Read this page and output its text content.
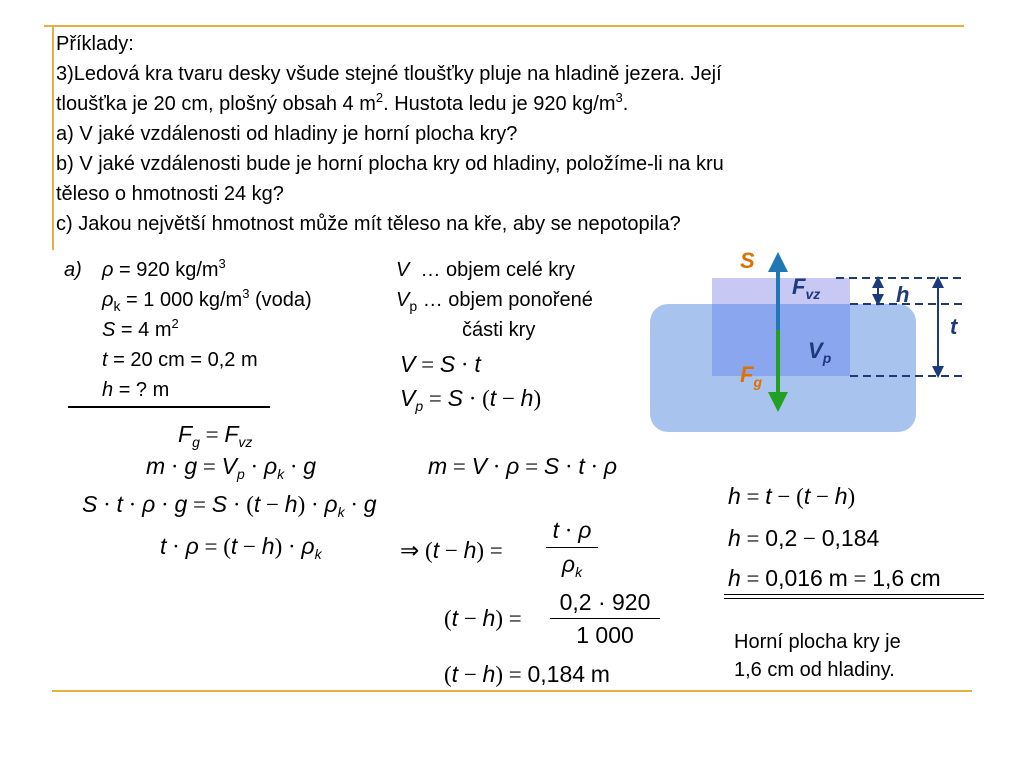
Příklady:
3)Ledová kra tvaru desky všude stejné tloušťky pluje na hladině jezera. Její
tloušťka je 20 cm, plošný obsah 4 $m^2$. Hustota ledu je 920 $kg/m^3$.
a) V jaké vzdálenosti od hladiny je horní plocha kry?
b) V jaké vzdálenosti bude je horní plocha kry od hladiny, položíme-li na kru
těleso o hmotnosti 24 kg?
c) Jakou největší hmotnost může mít těleso na kře, aby se nepotopila?
a) ρ = 920 $kg/m^3$
$\rho_k = 1$ 000 $kg/m^3$ (voda)
S = 4 $m^2$
t = 20 cm = 0,2 m
h = ? m
V … objem celé kry
$V_p$ … objem ponořené
části kry
V = S · t
$V_p = S \cdot (t - h)$
$F_g = F_{vz}$
$m \cdot g = V_p \cdot \rho_k \cdot g$	m = V · ρ = S · t · ρ
$S \cdot t \cdot \rho \cdot g = S \cdot (t - h) \cdot \rho_k \cdot g$
$t \cdot \rho = (t - h) \cdot \rho_k$	⇒ (t − h) =
t · ρ
$\rho_k$
(t − h) =
0,2 · 920
1 000
(t − h) = 0,184 m
h = t − (t − h)
h = 0,2 − 0,184
h = 0,016 m = 1,6 cm
Horní plocha kry je
1,6 cm od hladiny.
S
$F_{vz}$	h
t
$V_p$
$F_g$
